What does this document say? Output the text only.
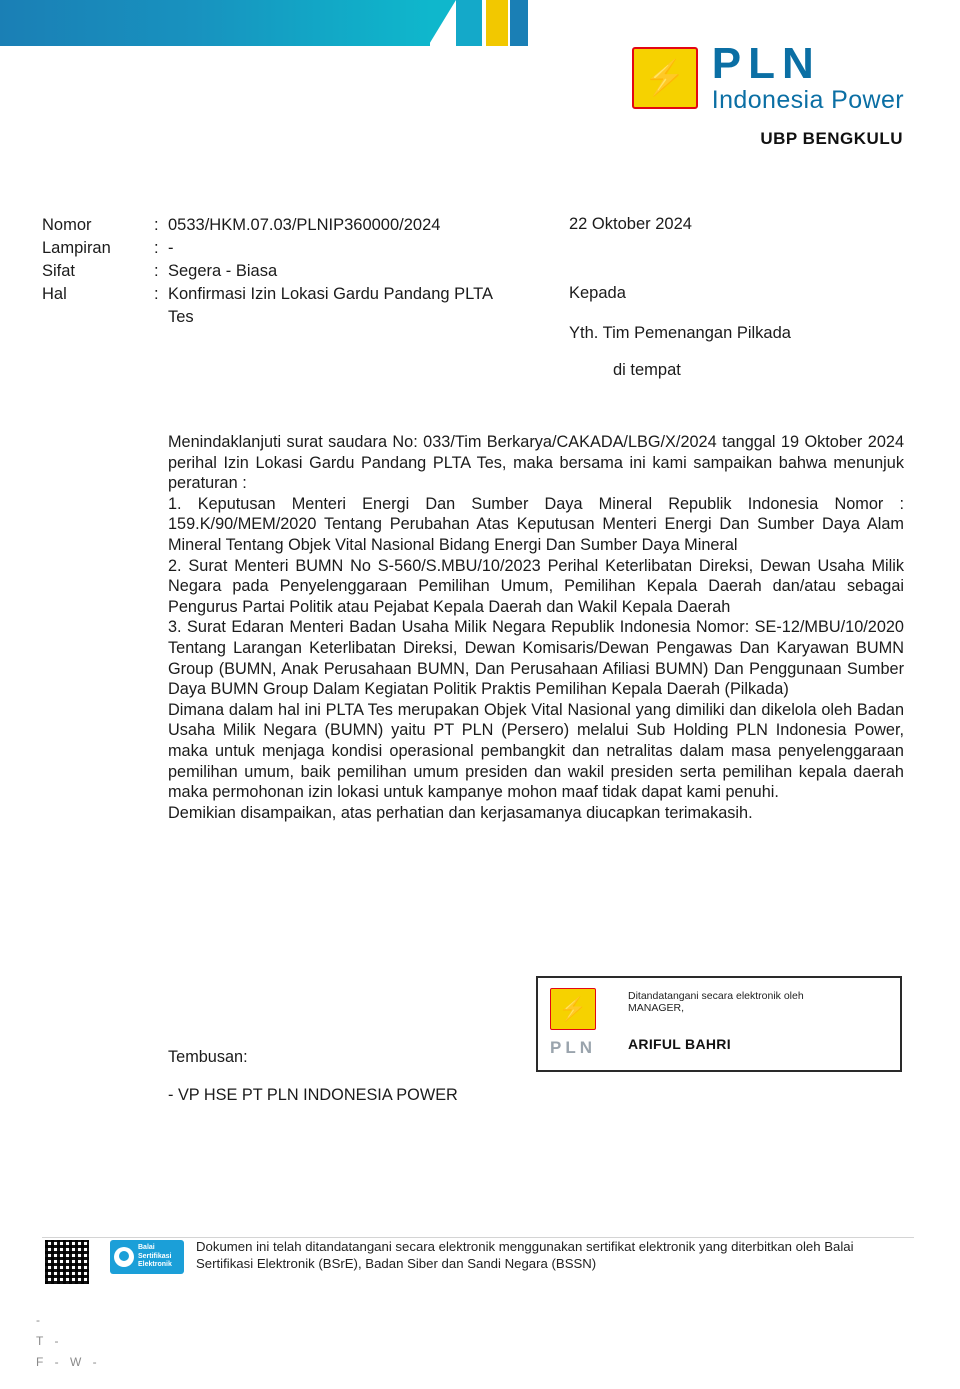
⚡ PLN
Indonesia Power
UBP BENGKULU
Nomor	: 0533/HKM.07.03/PLNIP360000/2024
Lampiran	: -
Sifat	: Segera - Biasa
Hal	: Konfirmasi Izin Lokasi Gardu Pandang PLTA
Tes
22 Oktober 2024
Kepada
Yth. Tim Pemenangan Pilkada
di tempat

Menindaklanjuti surat saudara No: 033/Tim Berkarya/CAKADA/LBG/X/2024 tanggal 19 Oktober 2024 perihal Izin Lokasi Gardu Pandang PLTA Tes, maka bersama ini kami sampaikan bahwa menunjuk peraturan :

1. Keputusan Menteri Energi Dan Sumber Daya Mineral Republik Indonesia Nomor : 159.K/90/MEM/2020 Tentang Perubahan Atas Keputusan Menteri Energi Dan Sumber Daya Alam Mineral Tentang Objek Vital Nasional Bidang Energi Dan Sumber Daya Mineral

2. Surat Menteri BUMN No S-560/S.MBU/10/2023 Perihal Keterlibatan Direksi, Dewan Usaha Milik Negara pada Penyelenggaraan Pemilihan Umum, Pemilihan Kepala Daerah dan/atau sebagai Pengurus Partai Politik atau Pejabat Kepala Daerah dan Wakil Kepala Daerah

3. Surat Edaran Menteri Badan Usaha Milik Negara Republik Indonesia Nomor: SE-12/MBU/10/2020 Tentang Larangan Keterlibatan Direksi, Dewan Komisaris/Dewan Pengawas Dan Karyawan BUMN Group (BUMN, Anak Perusahaan BUMN, Dan Perusahaan Afiliasi BUMN) Dan Penggunaan Sumber Daya BUMN Group Dalam Kegiatan Politik Praktis Pemilihan Kepala Daerah (Pilkada)

Dimana dalam hal ini PLTA Tes merupakan Objek Vital Nasional yang dimiliki dan dikelola oleh Badan Usaha Milik Negara (BUMN) yaitu PT PLN (Persero) melalui Sub Holding PLN Indonesia Power, maka untuk menjaga kondisi operasional pembangkit dan netralitas dalam masa penyelenggaraan pemilihan umum, baik pemilihan umum presiden dan wakil presiden serta pemilihan kepala daerah maka permohonan izin lokasi untuk kampanye mohon maaf tidak dapat kami penuhi.

Demikian disampaikan, atas perhatian dan kerjasamanya diucapkan terimakasih.

⚡
PLN
Ditandatangani secara elektronik oleh
MANAGER,
ARIFUL BAHRI
Tembusan:
- VP HSE PT PLN INDONESIA POWER
Balai
Sertifikasi
Elektronik
Dokumen ini telah ditandatangani secara elektronik menggunakan sertifikat elektronik yang diterbitkan oleh Balai Sertifikasi Elektronik (BSrE), Badan Siber dan Sandi Negara (BSSN)
-
T -
F - W -
